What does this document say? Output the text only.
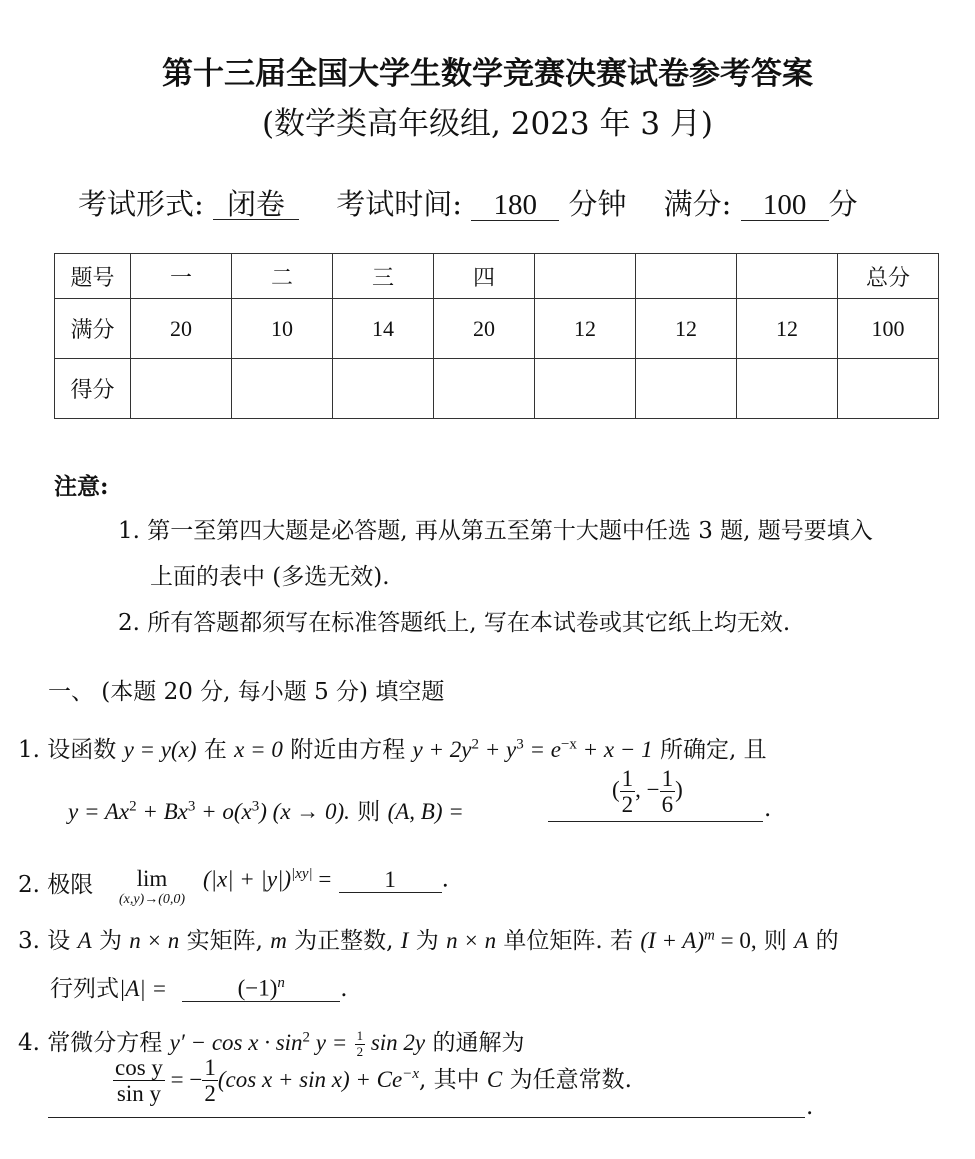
第十三届全国大学生数学竞赛决赛试卷参考答案
(数学类高年级组, 2023 年 3 月)
考试形式: 闭卷 考试时间: 180 分钟 满分: 100 分
题号	一	二	三	四				总分
满分	20	10	14	20	12	12	12	100
得分								
注意:
1. 第一至第四大题是必答题, 再从第五至第十大题中任选 3 题, 题号要填入
上面的表中 (多选无效).
2. 所有答题都须写在标准答题纸上, 写在本试卷或其它纸上均无效.
一、 (本题 20 分, 每小题 5 分) 填空题
1. 设函数 y = y(x) 在 x = 0 附近由方程 $y + 2y^2 + y^3 = e^{-x} + x - 1$ 所确定, 且
$y = Ax^2 + Bx^3 + o(x^3) (x \to 0)$. 则 (A, B) =
( $\frac{1}{2}$ , − $\frac{1}{6}$ )
.
2. 极限	lim
(x,y)→(0,0)
$(|x| + |y|)^{|xy|} = 1$ .
3. 设 A 为 n × n 实矩阵, m 为正整数, I 为 n × n 单位矩阵. 若 $(I + A)^m = 0$, 则 A 的
行列式|A| =	$(-1)^n$ .
4. 常微分方程 $y' - \cos x \cdot \sin^2 y = \frac{1}{2}$ sin 2y 的通解为
$\frac{\text{cos y}}{\text{sin y}}$ = − $\frac{1}{2} (\cos$ $x + \sin x) + Ce^{-x}$, 其中 C 为任意常数.
.
